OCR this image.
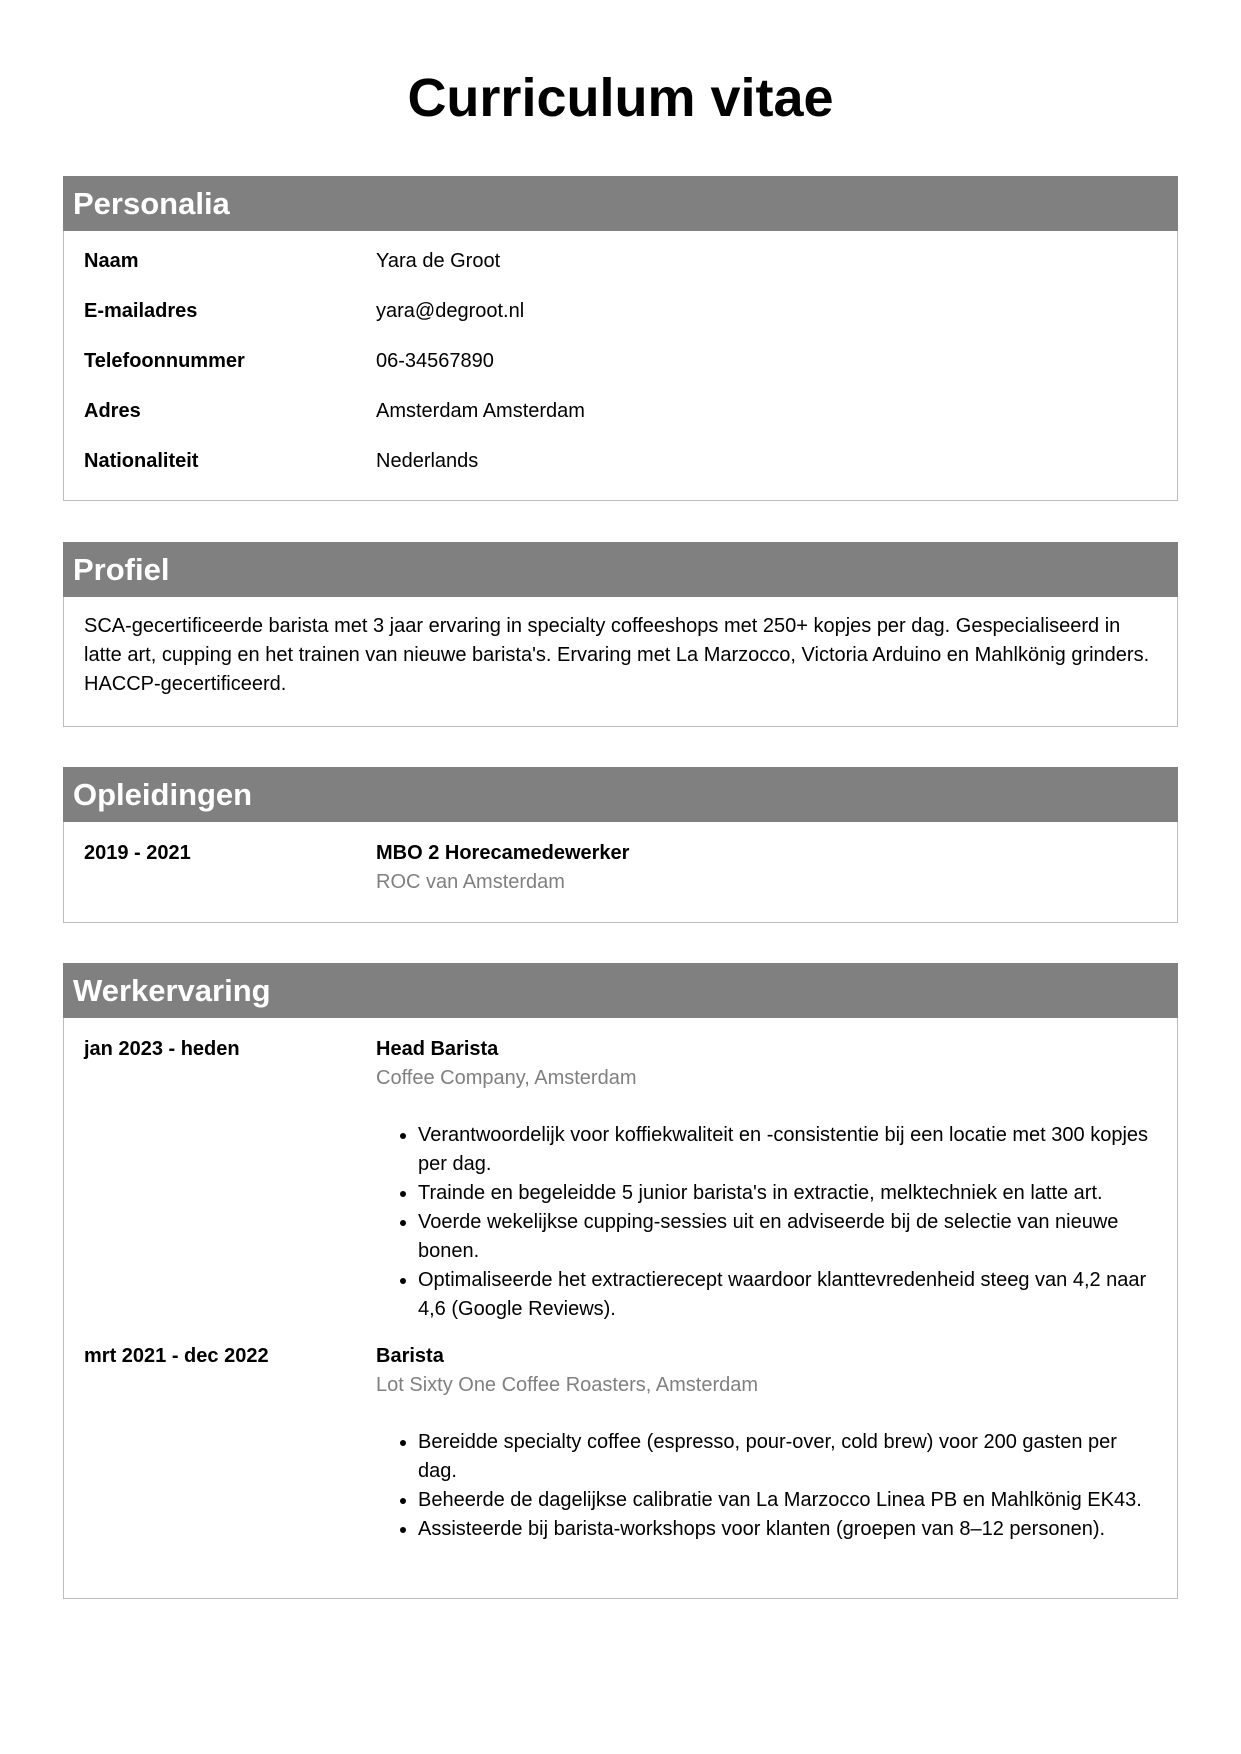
Curriculum vitae
Personalia
Naam	Yara de Groot
E-mailadres	yara@degroot.nl
Telefoonnummer	06-34567890
Adres	Amsterdam Amsterdam
Nationaliteit	Nederlands
Profiel
SCA-gecertificeerde barista met 3 jaar ervaring in specialty coffeeshops met 250+ kopjes per dag. Gespecialiseerd in latte art, cupping en het trainen van nieuwe barista's. Ervaring met La Marzocco, Victoria Arduino en Mahlkönig grinders. HACCP-gecertificeerd.
Opleidingen
2019 - 2021	MBO 2 Horecamedewerker
ROC van Amsterdam
Werkervaring
jan 2023 - heden	Head Barista
Coffee Company, Amsterdam
• Verantwoordelijk voor koffiekwaliteit en -consistentie bij een locatie met 300 kopjes per dag.
• Trainde en begeleidde 5 junior barista's in extractie, melktechniek en latte art.
• Voerde wekelijkse cupping-sessies uit en adviseerde bij de selectie van nieuwe bonen.
• Optimaliseerde het extractierecept waardoor klanttevredenheid steeg van 4,2 naar 4,6 (Google Reviews).
mrt 2021 - dec 2022	Barista
Lot Sixty One Coffee Roasters, Amsterdam
• Bereidde specialty coffee (espresso, pour-over, cold brew) voor 200 gasten per dag.
• Beheerde de dagelijkse calibratie van La Marzocco Linea PB en Mahlkönig EK43.
• Assisteerde bij barista-workshops voor klanten (groepen van 8–12 personen).
